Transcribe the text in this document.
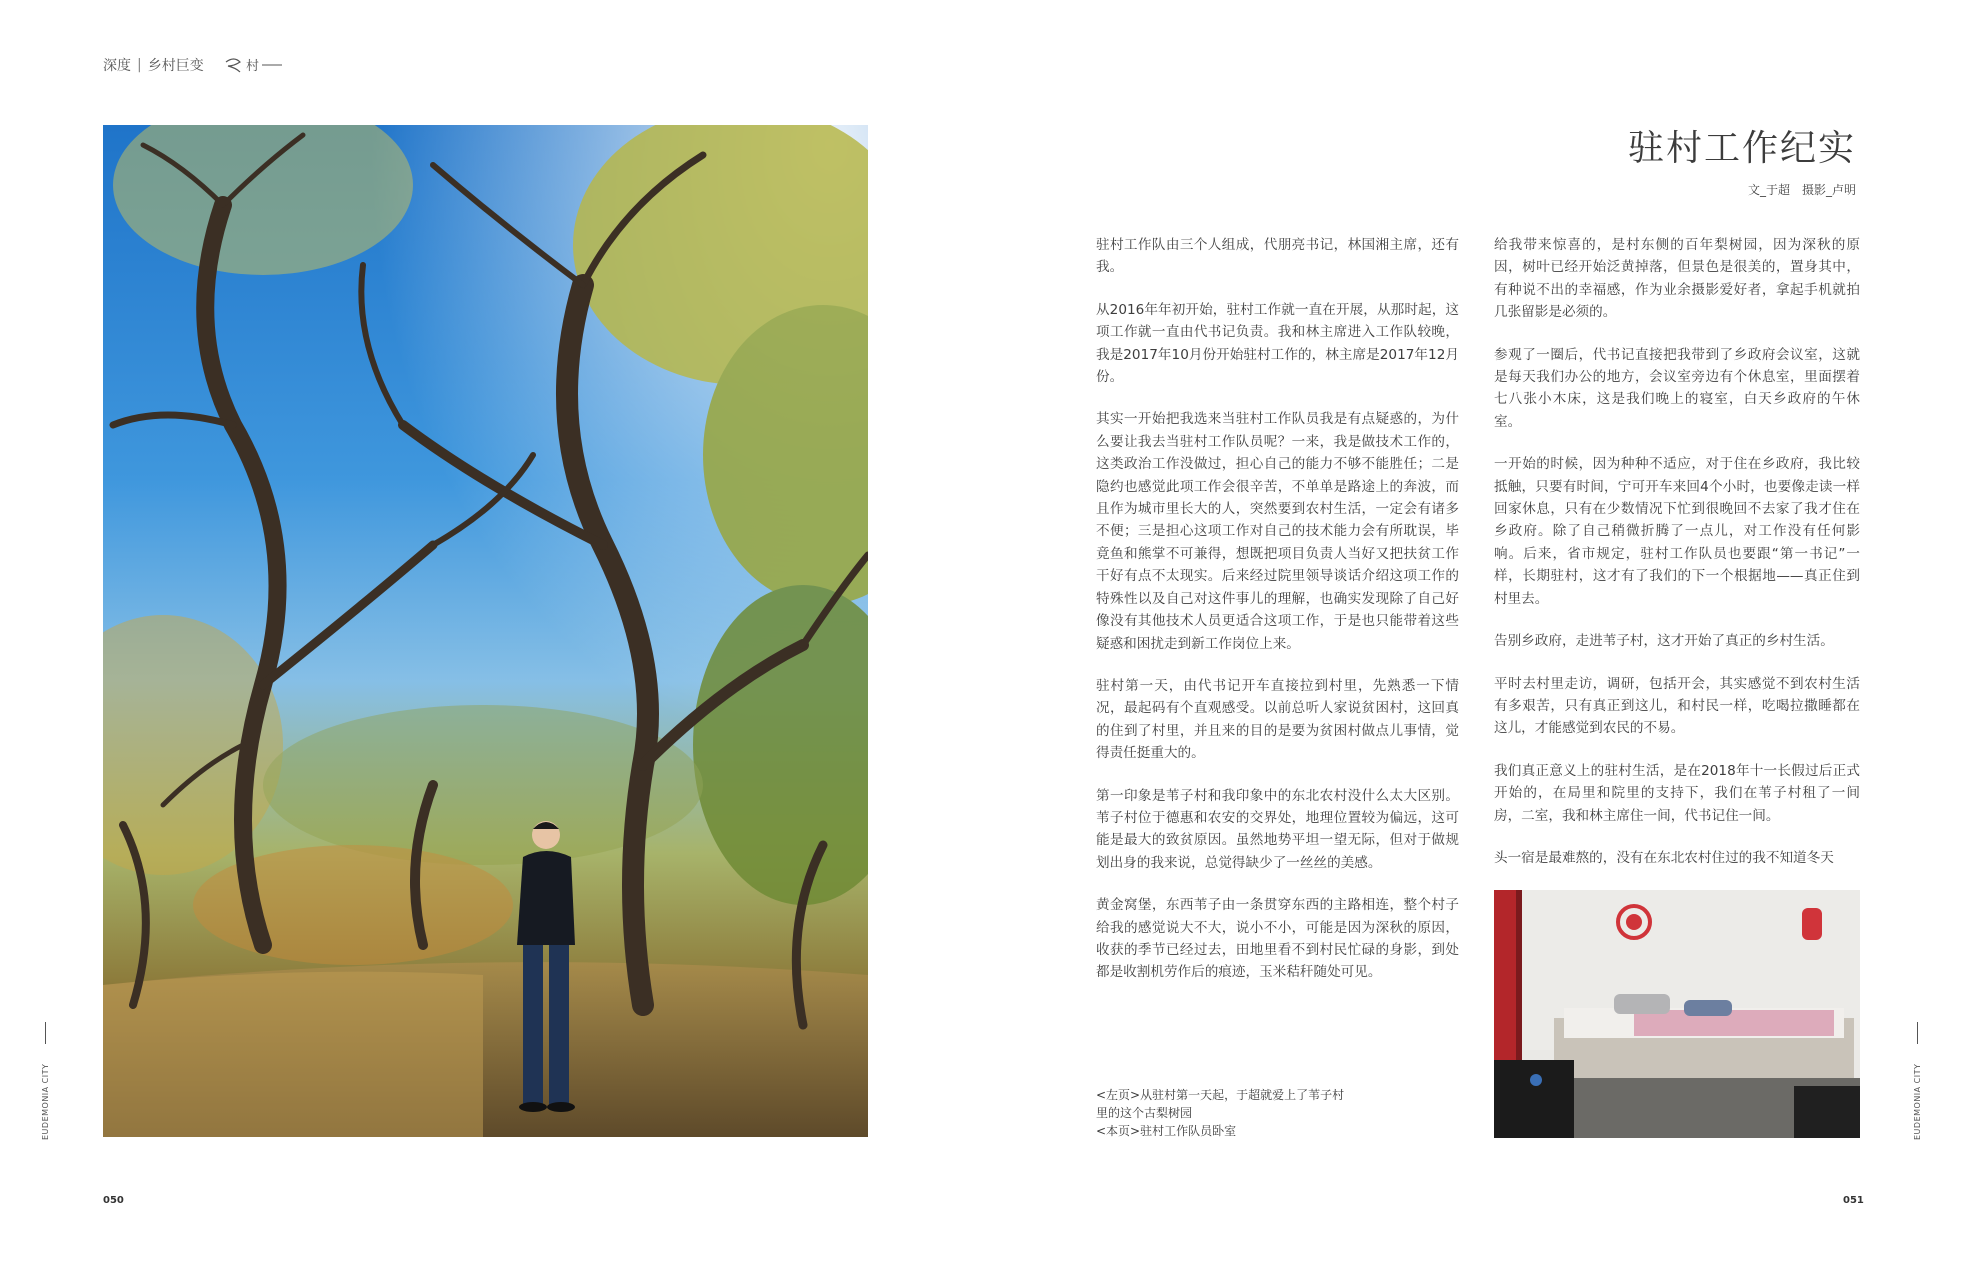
深度 | 乡村巨变	村
驻村工作纪实
文_于超　摄影_卢明

驻村工作队由三个人组成，代朋亮书记，林国湘主席，还有我。

从2016年年初开始，驻村工作就一直在开展，从那时起，这项工作就一直由代书记负责。我和林主席进入工作队较晚，我是2017年10月份开始驻村工作的，林主席是2017年12月份。

其实一开始把我选来当驻村工作队员我是有点疑惑的，为什么要让我去当驻村工作队员呢？一来，我是做技术工作的，这类政治工作没做过，担心自己的能力不够不能胜任；二是隐约也感觉此项工作会很辛苦，不单单是路途上的奔波，而且作为城市里长大的人，突然要到农村生活，一定会有诸多不便；三是担心这项工作对自己的技术能力会有所耽误，毕竟鱼和熊掌不可兼得，想既把项目负责人当好又把扶贫工作干好有点不太现实。后来经过院里领导谈话介绍这项工作的特殊性以及自己对这件事儿的理解，也确实发现除了自己好像没有其他技术人员更适合这项工作，于是也只能带着这些疑惑和困扰走到新工作岗位上来。

驻村第一天，由代书记开车直接拉到村里，先熟悉一下情况，最起码有个直观感受。以前总听人家说贫困村，这回真的住到了村里，并且来的目的是要为贫困村做点儿事情，觉得责任挺重大的。

第一印象是苇子村和我印象中的东北农村没什么太大区别。苇子村位于德惠和农安的交界处，地理位置较为偏远，这可能是最大的致贫原因。虽然地势平坦一望无际，但对于做规划出身的我来说，总觉得缺少了一丝丝的美感。

黄金窝堡，东西苇子由一条贯穿东西的主路相连，整个村子给我的感觉说大不大，说小不小，可能是因为深秋的原因，收获的季节已经过去，田地里看不到村民忙碌的身影，到处都是收割机劳作后的痕迹，玉米秸秆随处可见。

给我带来惊喜的，是村东侧的百年梨树园，因为深秋的原因，树叶已经开始泛黄掉落，但景色是很美的，置身其中，有种说不出的幸福感，作为业余摄影爱好者，拿起手机就拍几张留影是必须的。

参观了一圈后，代书记直接把我带到了乡政府会议室，这就是每天我们办公的地方，会议室旁边有个休息室，里面摆着七八张小木床，这是我们晚上的寝室，白天乡政府的午休室。

一开始的时候，因为种种不适应，对于住在乡政府，我比较抵触，只要有时间，宁可开车来回4个小时，也要像走读一样回家休息，只有在少数情况下忙到很晚回不去家了我才住在乡政府。除了自己稍微折腾了一点儿，对工作没有任何影响。后来，省市规定，驻村工作队员也要跟“第一书记”一样，长期驻村，这才有了我们的下一个根据地——真正住到村里去。

告别乡政府，走进苇子村，这才开始了真正的乡村生活。

平时去村里走访，调研，包括开会，其实感觉不到农村生活有多艰苦，只有真正到这儿，和村民一样，吃喝拉撒睡都在这儿，才能感觉到农民的不易。

我们真正意义上的驻村生活，是在2018年十一长假过后正式开始的，在局里和院里的支持下，我们在苇子村租了一间房，二室，我和林主席住一间，代书记住一间。

头一宿是最难熬的，没有在东北农村住过的我不知道冬天

<左页>从驻村第一天起，于超就爱上了苇子村
里的这个古梨树园
<本页>驻村工作队员卧室
EUDEMONIA CITY	EUDEMONIA CITY
050	051
